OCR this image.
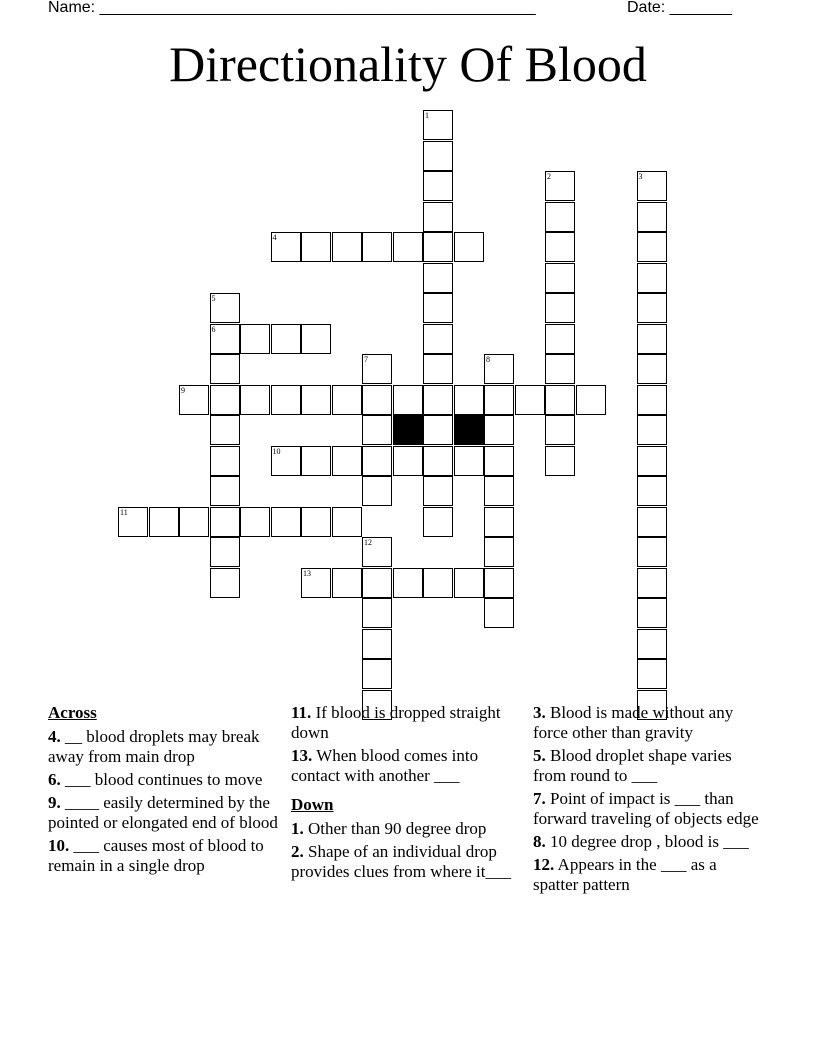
Name: _________________________________________________	Date: _______
Directionality Of Blood
1
2	3
4
5
6
7	8
9
10
11
12
13
Across
4. __ blood droplets may break away from main drop
6. ___ blood continues to move
9. ____ easily determined by the pointed or elongated end of blood
10. ___ causes most of blood to remain in a single drop
11. If blood is dropped straight down
13. When blood comes into contact with another ___
Down
1. Other than 90 degree drop
2. Shape of an individual drop provides clues from where it___
3. Blood is made without any force other than gravity
5. Blood droplet shape varies from round to ___
7. Point of impact is ___ than forward traveling of objects edge
8. 10 degree drop , blood is ___
12. Appears in the ___ as a spatter pattern
